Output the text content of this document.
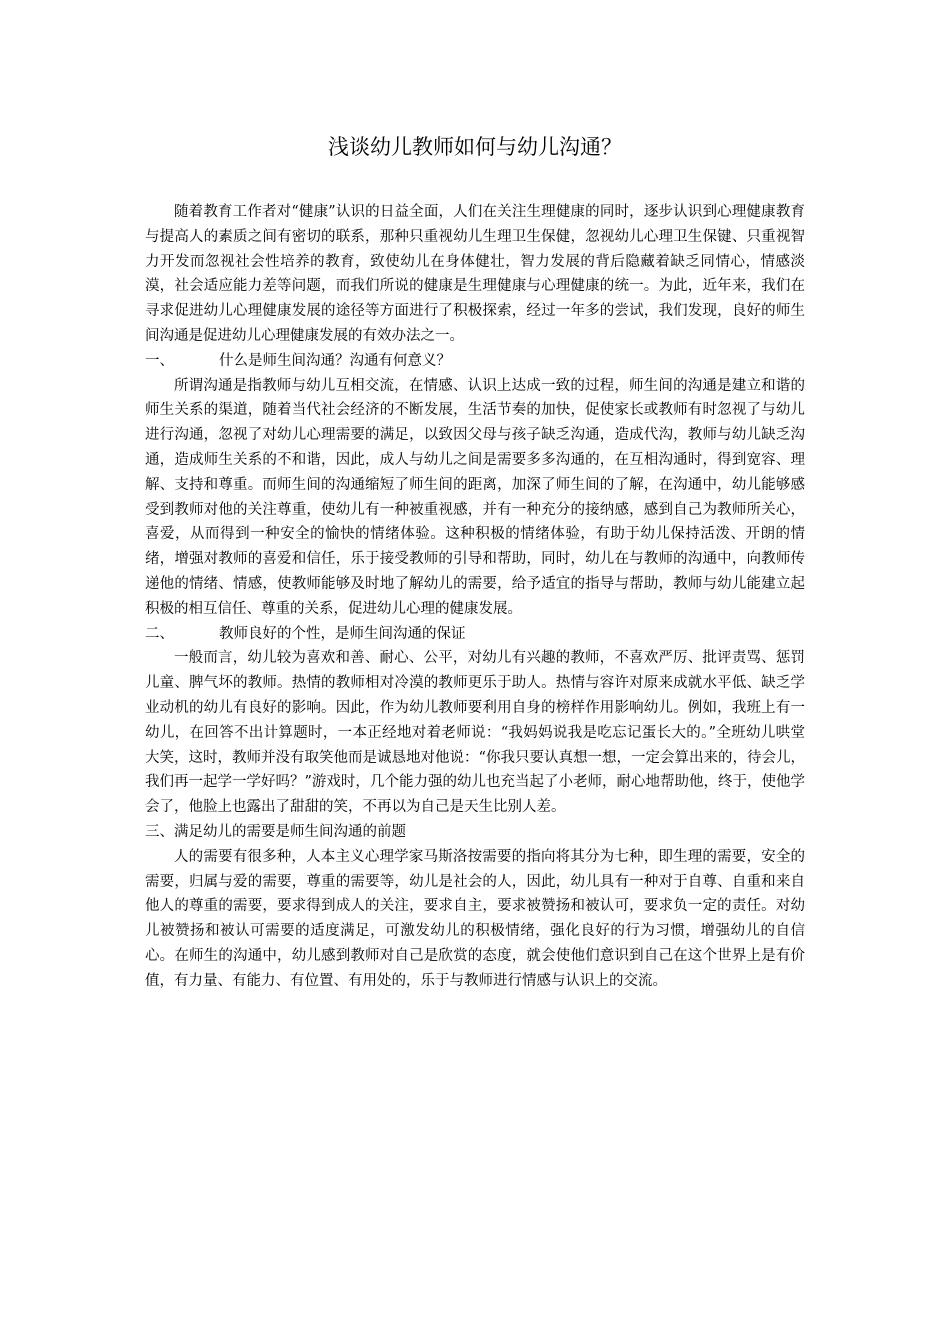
浅谈幼儿教师如何与幼儿沟通？

随着教育工作者对“健康”认识的日益全面，人们在关注生理健康的同时，逐步认识到心理健康教育与提高人的素质之间有密切的联系，那种只重视幼儿生理卫生保健，忽视幼儿心理卫生保键、只重视智力开发而忽视社会性培养的教育，致使幼儿在身体健壮，智力发展的背后隐藏着缺乏同情心，情感淡漠，社会适应能力差等问题，而我们所说的健康是生理健康与心理健康的统一。为此，近年来，我们在寻求促进幼儿心理健康发展的途径等方面进行了积极探索，经过一年多的尝试，我们发现，良好的师生间沟通是促进幼儿心理健康发展的有效办法之一。

一、	什么是师生间沟通？沟通有何意义？

所谓沟通是指教师与幼儿互相交流，在情感、认识上达成一致的过程，师生间的沟通是建立和谐的师生关系的渠道，随着当代社会经济的不断发展，生活节奏的加快，促使家长或教师有时忽视了与幼儿进行沟通，忽视了对幼儿心理需要的满足，以致因父母与孩子缺乏沟通，造成代沟，教师与幼儿缺乏沟通，造成师生关系的不和谐，因此，成人与幼儿之间是需要多多沟通的，在互相沟通时，得到宽容、理解、支持和尊重。而师生间的沟通缩短了师生间的距离，加深了师生间的了解，在沟通中，幼儿能够感受到教师对他的关注尊重，使幼儿有一种被重视感，并有一种充分的接纳感，感到自己为教师所关心，喜爱，从而得到一种安全的愉快的情绪体验。这种积极的情绪体验，有助于幼儿保持活泼、开朗的情绪，增强对教师的喜爱和信任，乐于接受教师的引导和帮助，同时，幼儿在与教师的沟通中，向教师传递他的情绪、情感，使教师能够及时地了解幼儿的需要，给予适宜的指导与帮助，教师与幼儿能建立起积极的相互信任、尊重的关系，促进幼儿心理的健康发展。

二、	教师良好的个性，是师生间沟通的保证

一般而言，幼儿较为喜欢和善、耐心、公平，对幼儿有兴趣的教师，不喜欢严厉、批评责骂、惩罚儿童、脾气坏的教师。热情的教师相对冷漠的教师更乐于助人。热情与容许对原来成就水平低、缺乏学业动机的幼儿有良好的影响。因此，作为幼儿教师要利用自身的榜样作用影响幼儿。例如，我班上有一幼儿，在回答不出计算题时，一本正经地对着老师说：“我妈妈说我是吃忘记蛋长大的。”全班幼儿哄堂大笑，这时，教师并没有取笑他而是诚恳地对他说：“你我只要认真想一想，一定会算出来的，待会儿，我们再一起学一学好吗？”游戏时，几个能力强的幼儿也充当起了小老师，耐心地帮助他，终于，使他学会了，他脸上也露出了甜甜的笑，不再以为自己是天生比别人差。

三、 满足幼儿的需要是师生间沟通的前题

人的需要有很多种，人本主义心理学家马斯洛按需要的指向将其分为七种，即生理的需要，安全的需要，归属与爱的需要，尊重的需要等，幼儿是社会的人，因此，幼儿具有一种对于自尊、自重和来自他人的尊重的需要，要求得到成人的关注，要求自主，要求被赞扬和被认可，要求负一定的责任。对幼儿被赞扬和被认可需要的适度满足，可激发幼儿的积极情绪，强化良好的行为习惯，增强幼儿的自信心。在师生的沟通中，幼儿感到教师对自己是欣赏的态度，就会使他们意识到自己在这个世界上是有价值，有力量、有能力、有位置、有用处的，乐于与教师进行情感与认识上的交流。
